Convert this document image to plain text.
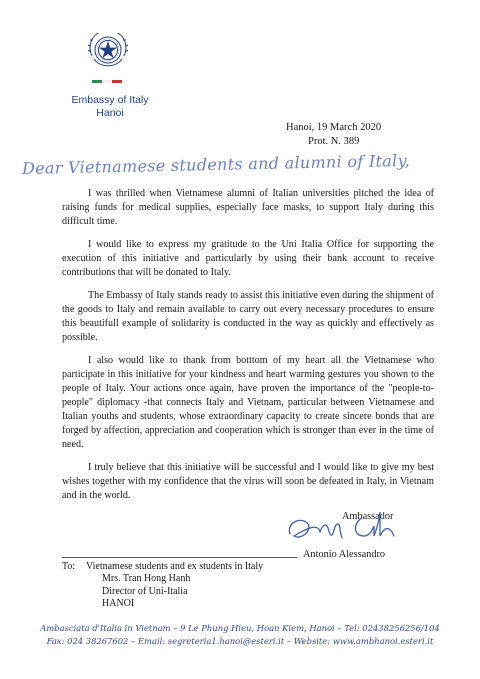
Embassy of Italy
Hanoi
Hanoi, 19 March 2020
Prot. N. 389
Dear Vietnamese students and alumni of Italy,

I was thrilled when Vietnamese alumni of Italian universities pitched the idea of raising funds for medical supplies, especially face masks, to support Italy during this difficult time.

I would like to express my gratitude to the Uni Italia Office for supporting the execution of this initiative and particularly by using their bank account to receive contributions that will be donated to Italy.

The Embassy of Italy stands ready to assist this initiative even during the shipment of the goods to Italy and remain available to carry out every necessary procedures to ensure this beautifull example of solidarity is conducted in the way as quickly and effectively as possible.

I also would like to thank from botttom of my heart all the Vietnamese who participate in this initiative for your kindness and heart warming gestures you shown to the people of Italy. Your actions once again, have proven the importance of the "people-to-people" diplomacy -that connects Italy and Vietnam, particular between Vietnamese and Italian youths and students, whose extraordinary capacity to create sincere bonds that are forged by affection, appreciation and cooperation which is stronger than ever in the time of need.

I truly believe that this initiative will be successful and I would like to give my best wishes together with my confidence that the virus will soon be defeated in Italy, in Vietnam and in the world.

Ambassador
Antonio Alessandro
To: Vietnamese students and ex students in Italy
Mrs. Tran Hong Hanh
Director of Uni-Italia
HANOI
Ambasciata d'Italia in Vietnam – 9 Le Phung Hieu, Hoan Kiem, Hanoi – Tel: 02438256256/104
Fax: 024 38267602 – Email: segreteria1.hanoi@esteri.it – Website: www.ambhanoi.esteri.it
